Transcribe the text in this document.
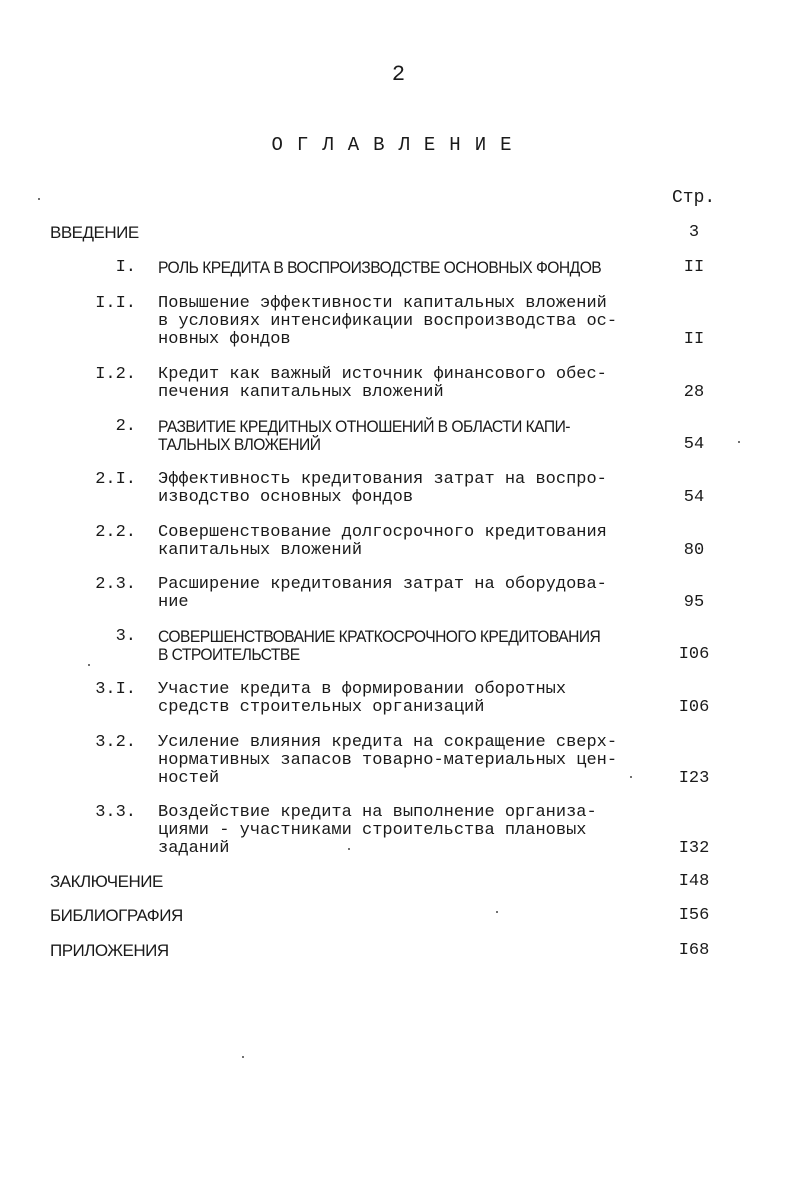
2
ОГЛАВЛЕНИЕ
Стр.
ВВЕДЕНИЕ	3
I. РОЛЬ КРЕДИТА В ВОСПРОИЗВОДСТВЕ ОСНОВНЫХ ФОНДОВ	II
I.I. Повышение эффективности капитальных вложений
в условиях интенсификации воспроизводства ос-
новных фондов	II
I.2. Кредит как важный источник финансового обес-
печения капитальных вложений	28
2. РАЗВИТИЕ КРЕДИТНЫХ ОТНОШЕНИЙ В ОБЛАСТИ КАПИ-
ТАЛЬНЫХ ВЛОЖЕНИЙ	54
2.I. Эффективность кредитования затрат на воспро-
изводство основных фондов	54
2.2. Совершенствование долгосрочного кредитования
капитальных вложений	80
2.3. Расширение кредитования затрат на оборудова-
ние	95
3. СОВЕРШЕНСТВОВАНИЕ КРАТКОСРОЧНОГО КРЕДИТОВАНИЯ
В СТРОИТЕЛЬСТВЕ	I06
3.I. Участие кредита в формировании оборотных
средств строительных организаций	I06
3.2. Усиление влияния кредита на сокращение сверх-
нормативных запасов товарно-материальных цен-
ностей	I23
3.3. Воздействие кредита на выполнение организа-
циями - участниками строительства плановых
заданий	I32
ЗАКЛЮЧЕНИЕ	I48
БИБЛИОГРАФИЯ	I56
ПРИЛОЖЕНИЯ	I68
